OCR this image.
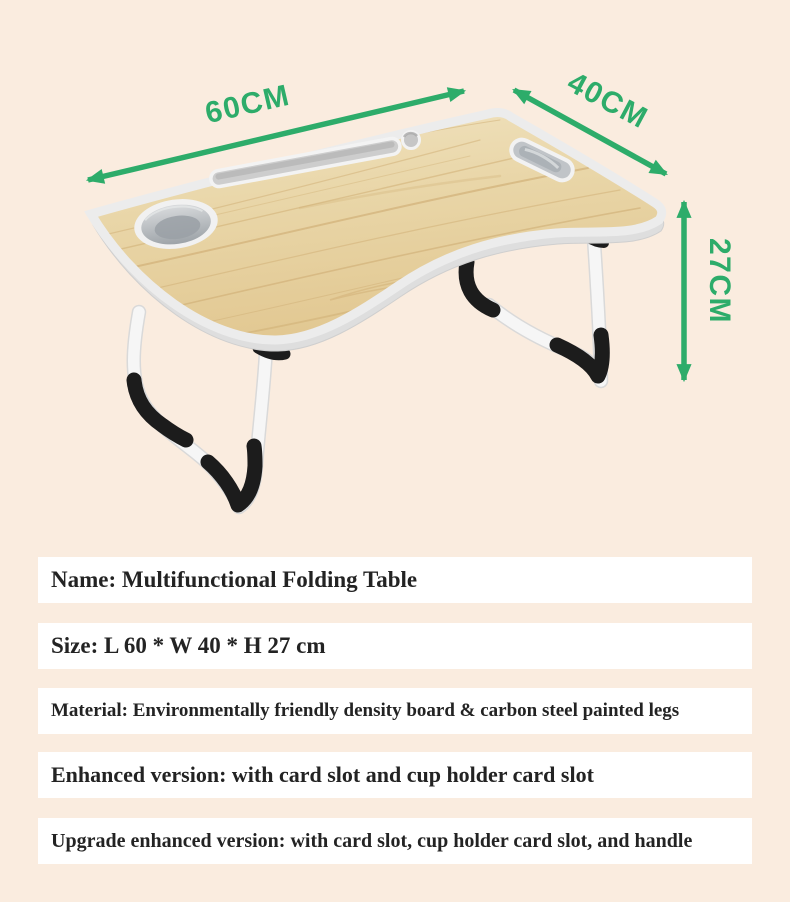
60CM	40CM
27CM
Name: Multifunctional Folding Table
Size: L 60 * W 40 * H 27 cm
Material: Environmentally friendly density board & carbon steel painted legs
Enhanced version: with card slot and cup holder card slot
Upgrade enhanced version: with card slot, cup holder card slot, and handle
